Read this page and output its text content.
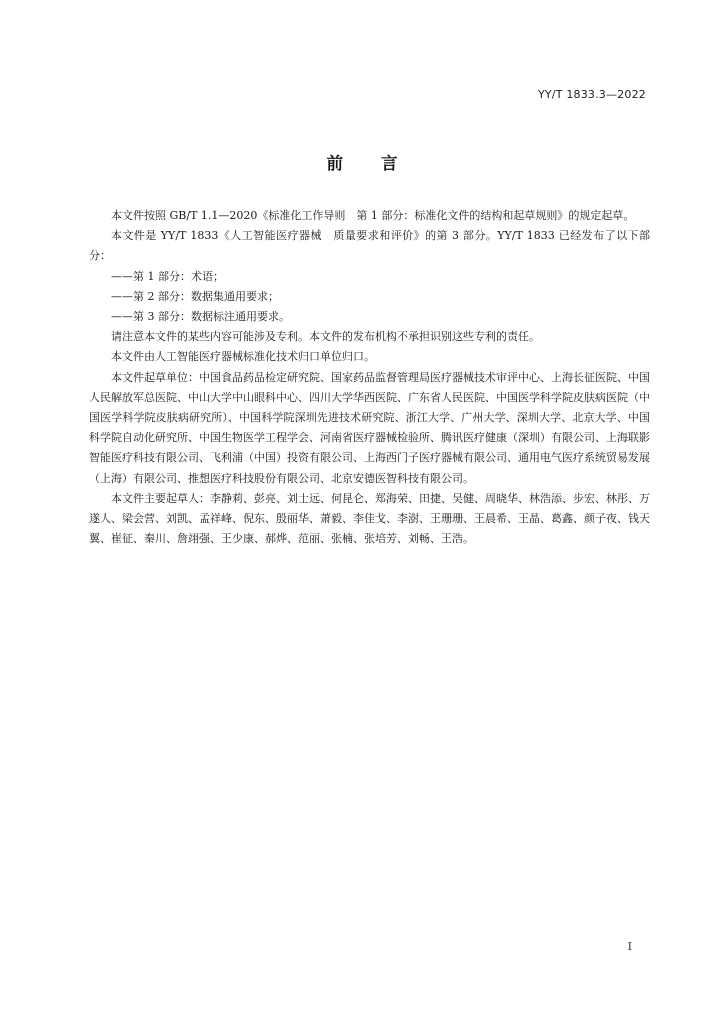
YY/T 1833.3—2022
前言

本文件按照 GB/T 1.1—2020《标准化工作导则　第 1 部分：标准化文件的结构和起草规则》的规定起草。

本文件是 YY/T 1833《人工智能医疗器械　质量要求和评价》的第 3 部分。YY/T 1833 已经发布了以下部分：

——第 1 部分：术语；

——第 2 部分：数据集通用要求；

——第 3 部分：数据标注通用要求。

请注意本文件的某些内容可能涉及专利。本文件的发布机构不承担识别这些专利的责任。

本文件由人工智能医疗器械标准化技术归口单位归口。

本文件起草单位：中国食品药品检定研究院、国家药品监督管理局医疗器械技术审评中心、上海长征医院、中国人民解放军总医院、中山大学中山眼科中心、四川大学华西医院、广东省人民医院、中国医学科学院皮肤病医院（中国医学科学院皮肤病研究所）、中国科学院深圳先进技术研究院、浙江大学、广州大学、深圳大学、北京大学、中国科学院自动化研究所、中国生物医学工程学会、河南省医疗器械检验所、腾讯医疗健康（深圳）有限公司、上海联影智能医疗科技有限公司、飞利浦（中国）投资有限公司、上海西门子医疗器械有限公司、通用电气医疗系统贸易发展（上海）有限公司、推想医疗科技股份有限公司、北京安德医智科技有限公司。

本文件主要起草人：李静莉、彭亮、刘士远、何昆仑、郑海荣、田捷、吴健、周晓华、林浩添、步宏、林彤、万遂人、梁会营、刘凯、孟祥峰、倪东、殷丽华、萧毅、李佳戈、李澍、王珊珊、王晨希、王晶、葛鑫、颜子夜、钱天翼、崔征、秦川、詹翊强、王少康、郝烨、范丽、张楠、张培芳、刘畅、王浩。

I
